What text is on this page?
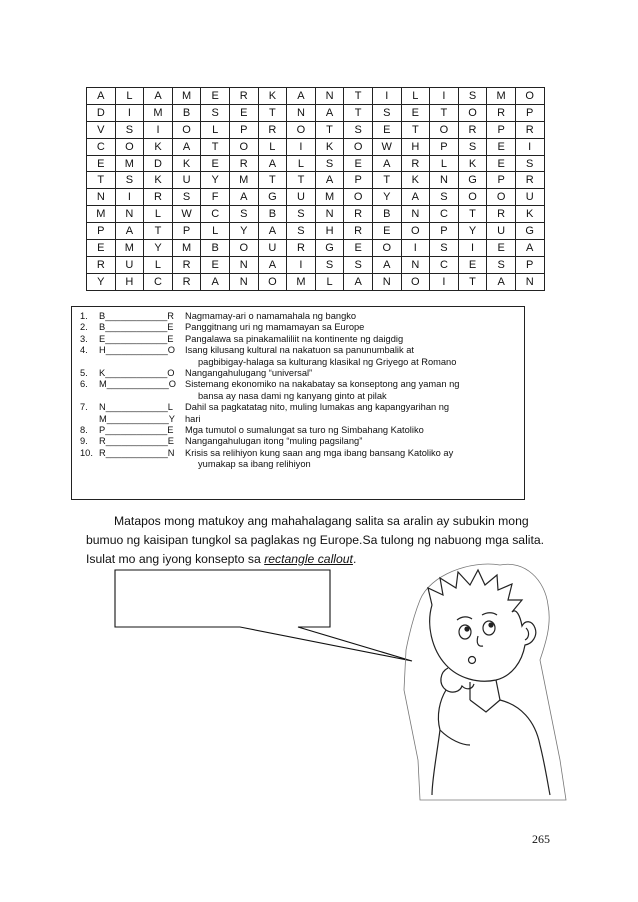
A	L	A	M	E	R	K	A	N	T	I	L	I	S	M	O
D	I	M	B	S	E	T	N	A	T	S	E	T	O	R	P
V	S	I	O	L	P	R	O	T	S	E	T	O	R	P	R
C	O	K	A	T	O	L	I	K	O	W	H	P	S	E	I
E	M	D	K	E	R	A	L	S	E	A	R	L	K	E	S
T	S	K	U	Y	M	T	T	A	P	T	K	N	G	P	R
N	I	R	S	F	A	G	U	M	O	Y	A	S	O	O	U
M	N	L	W	C	S	B	S	N	R	B	N	C	T	R	K
P	A	T	P	L	Y	A	S	H	R	E	O	P	Y	U	G
E	M	Y	M	B	O	U	R	G	E	O	I	S	I	E	A
R	U	L	R	E	N	A	I	S	S	A	N	C	E	S	P
Y	H	C	R	A	N	O	M	L	A	N	O	I	T	A	N
1. B____________R Nagmamay-ari o namamahala ng bangko
2. B____________E Panggitnang uri ng mamamayan sa Europe
3. E____________E Pangalawa sa pinakamaliliit na kontinente ng daigdig
4. H____________O Isang kilusang kultural na nakatuon sa panunumbalik at
pagbibigay-halaga sa kulturang klasikal ng Griyego at Romano
5. K____________O Nangangahulugang “universal”
6. M____________O Sistemang ekonomiko na nakabatay sa konseptong ang yaman ng
bansa ay nasa dami ng kanyang ginto at pilak
7. N____________L Dahil sa pagkatatag nito, muling lumakas ang kapangyarihan ng
M____________Y hari
8. P____________E Mga tumutol o sumalungat sa turo ng Simbahang Katoliko
9. R____________E Nangangahulugan itong “muling pagsilang”
10. R____________N Krisis sa relihiyon kung saan ang mga ibang bansang Katoliko ay
yumakap sa ibang relihiyon

Matapos mong matukoy ang mahahalagang salita sa aralin ay subukin mong

bumuo ng kaisipan tungkol sa paglakas ng Europe.Sa tulong ng nabuong mga salita.

Isulat mo ang iyong konsepto sa rectangle callout.

265
